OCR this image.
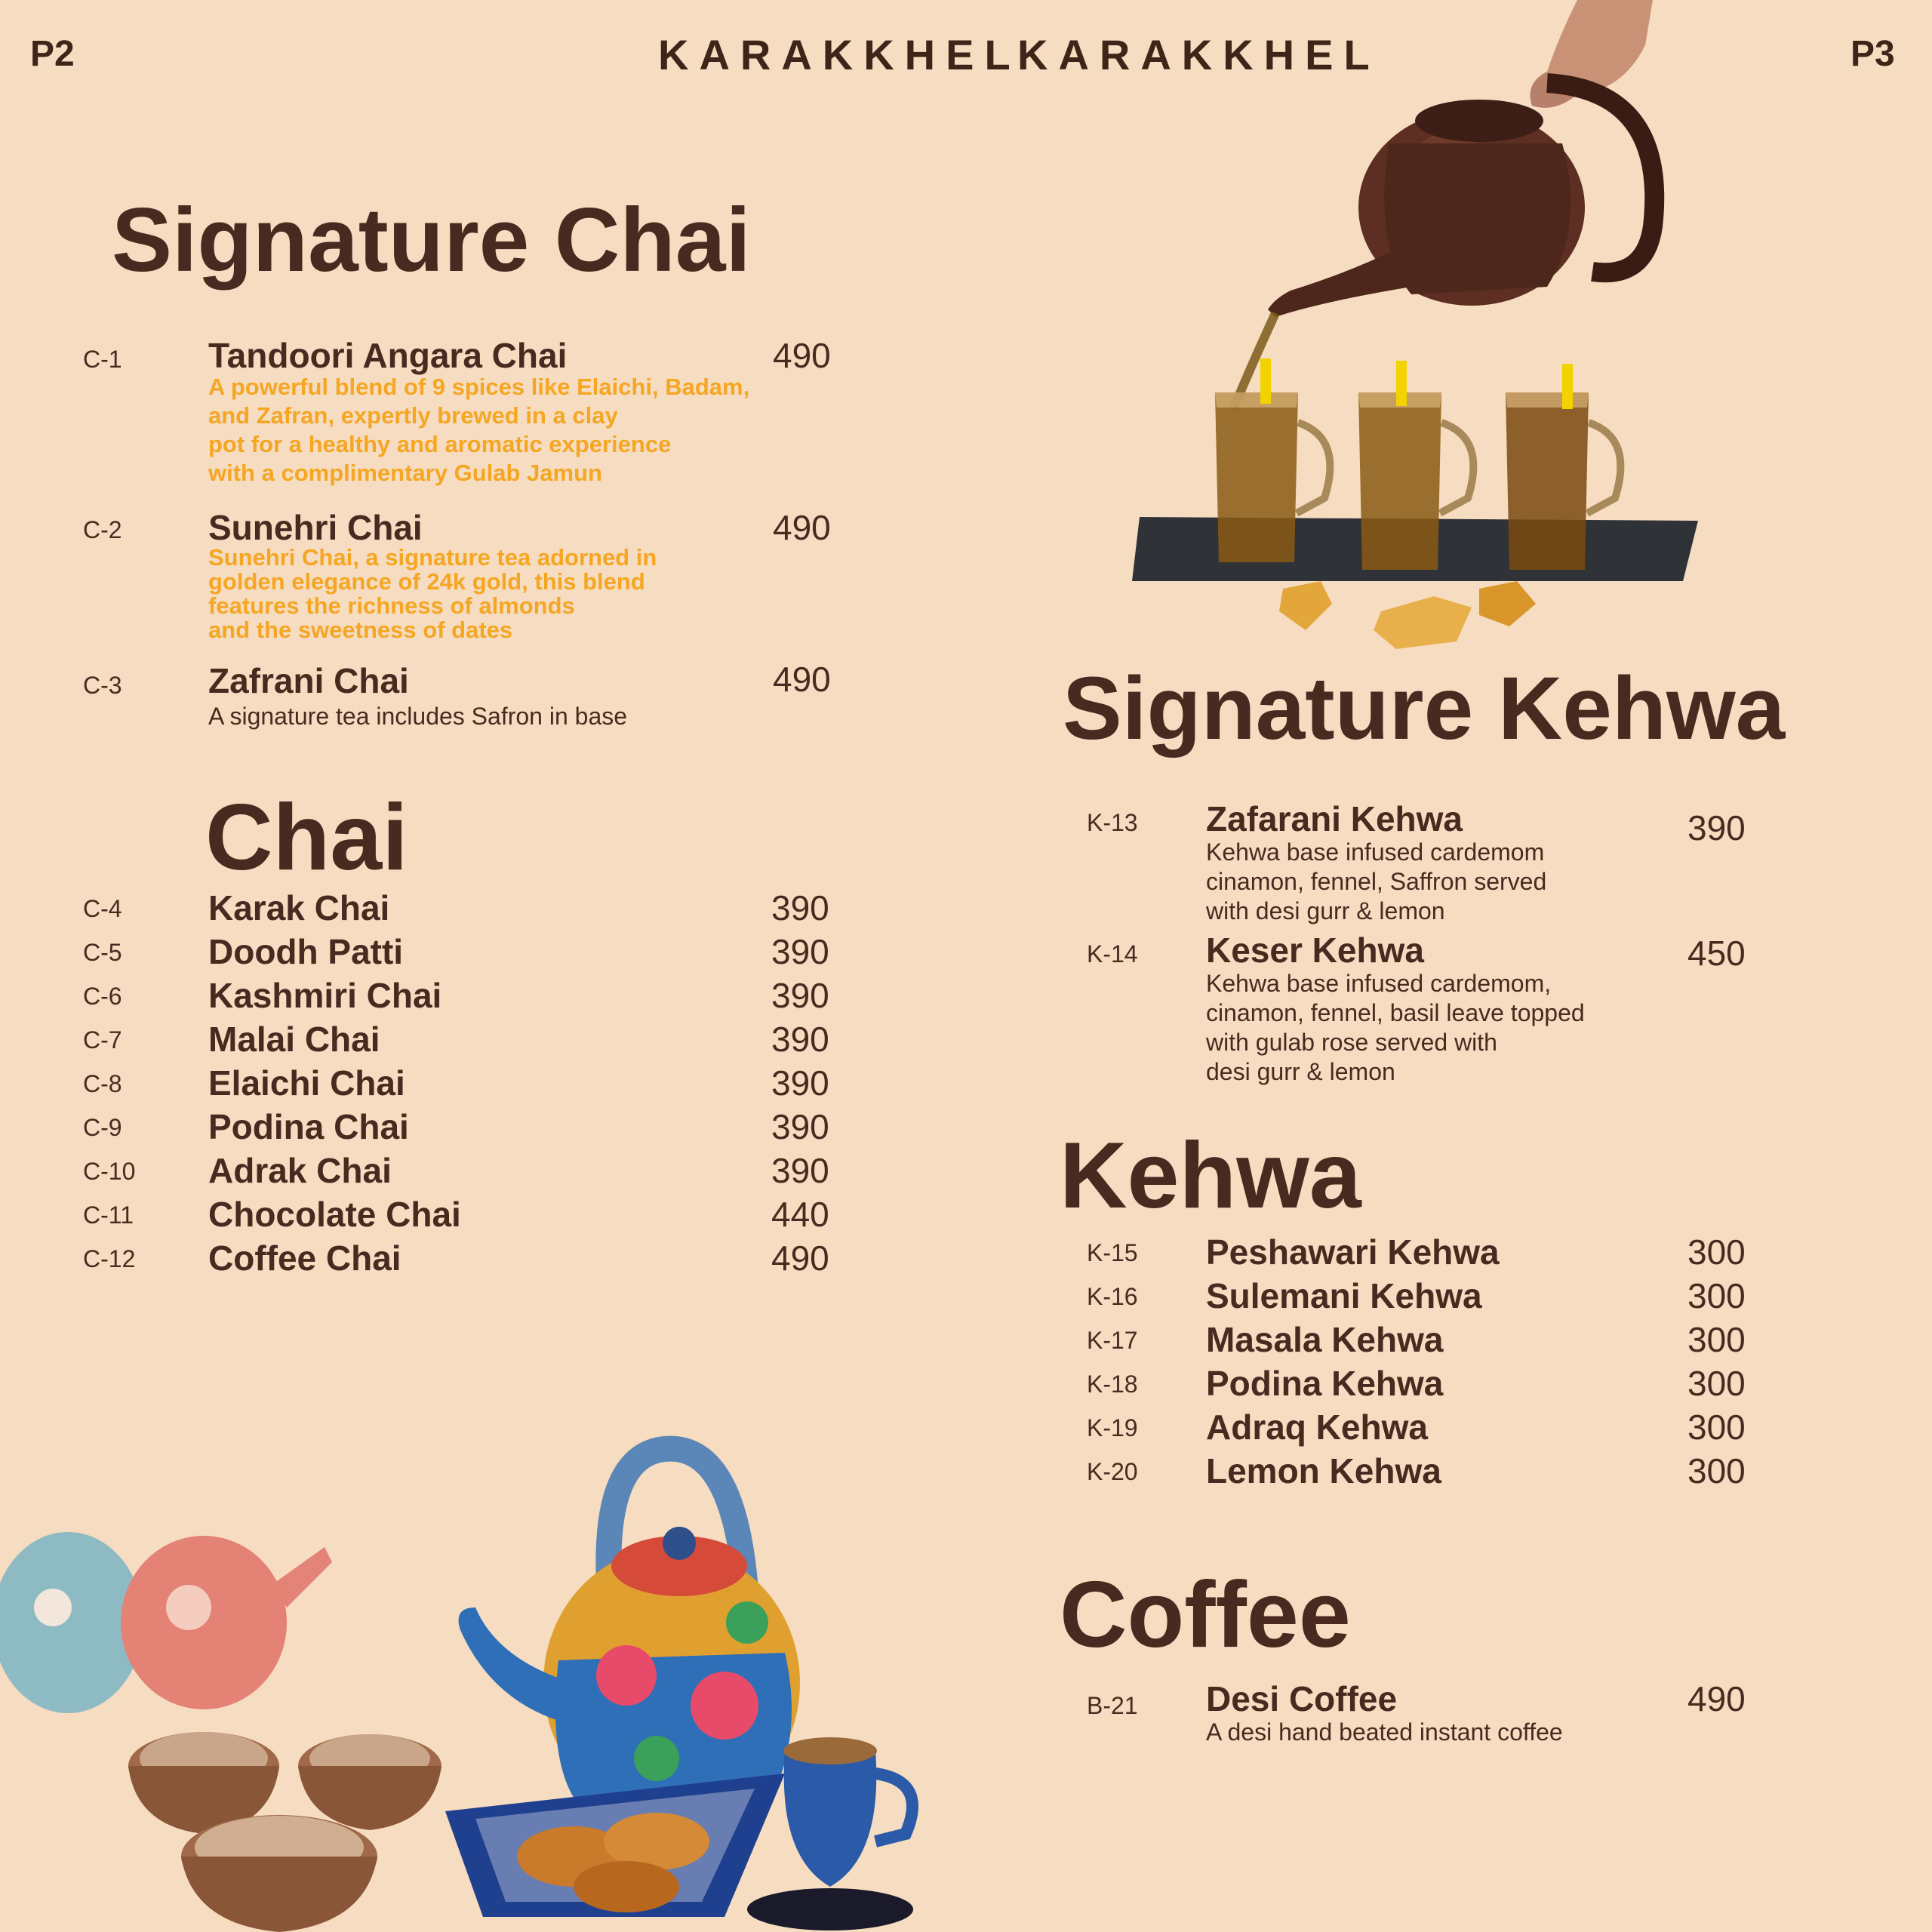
P2	P3
KARAKKHEL
KARAKKHEL
Signature Chai
C-1 Tandoori Angara Chai	490
A powerful blend of 9 spices like Elaichi, Badam,
and Zafran, expertly brewed in a clay
pot for a healthy and aromatic experience
with a complimentary Gulab Jamun
C-2 Sunehri Chai	490
Sunehri Chai, a signature tea adorned in
golden elegance of 24k gold, this blend
features the richness of almonds
and the sweetness of dates
C-3 Zafrani Chai	490
A signature tea includes Safron in base
Chai
C-4 Karak Chai	390
C-5 Doodh Patti	390
C-6 Kashmiri Chai	390
C-7 Malai Chai	390
C-8 Elaichi Chai	390
C-9 Podina Chai	390
C-10 Adrak Chai	390
C-11 Chocolate Chai	440
C-12 Coffee Chai	490
Signature Kehwa
K-13 Zafarani Kehwa	390
Kehwa base infused cardemom
cinamon, fennel, Saffron served
with desi gurr & lemon
K-14 Keser Kehwa	450
Kehwa base infused cardemom,
cinamon, fennel, basil leave topped
with gulab rose served with
desi gurr & lemon
Kehwa
K-15 Peshawari Kehwa	300
K-16 Sulemani Kehwa	300
K-17 Masala Kehwa	300
K-18 Podina Kehwa	300
K-19 Adraq Kehwa	300
K-20 Lemon Kehwa	300
Coffee
B-21 Desi Coffee	490
A desi hand beated instant coffee
